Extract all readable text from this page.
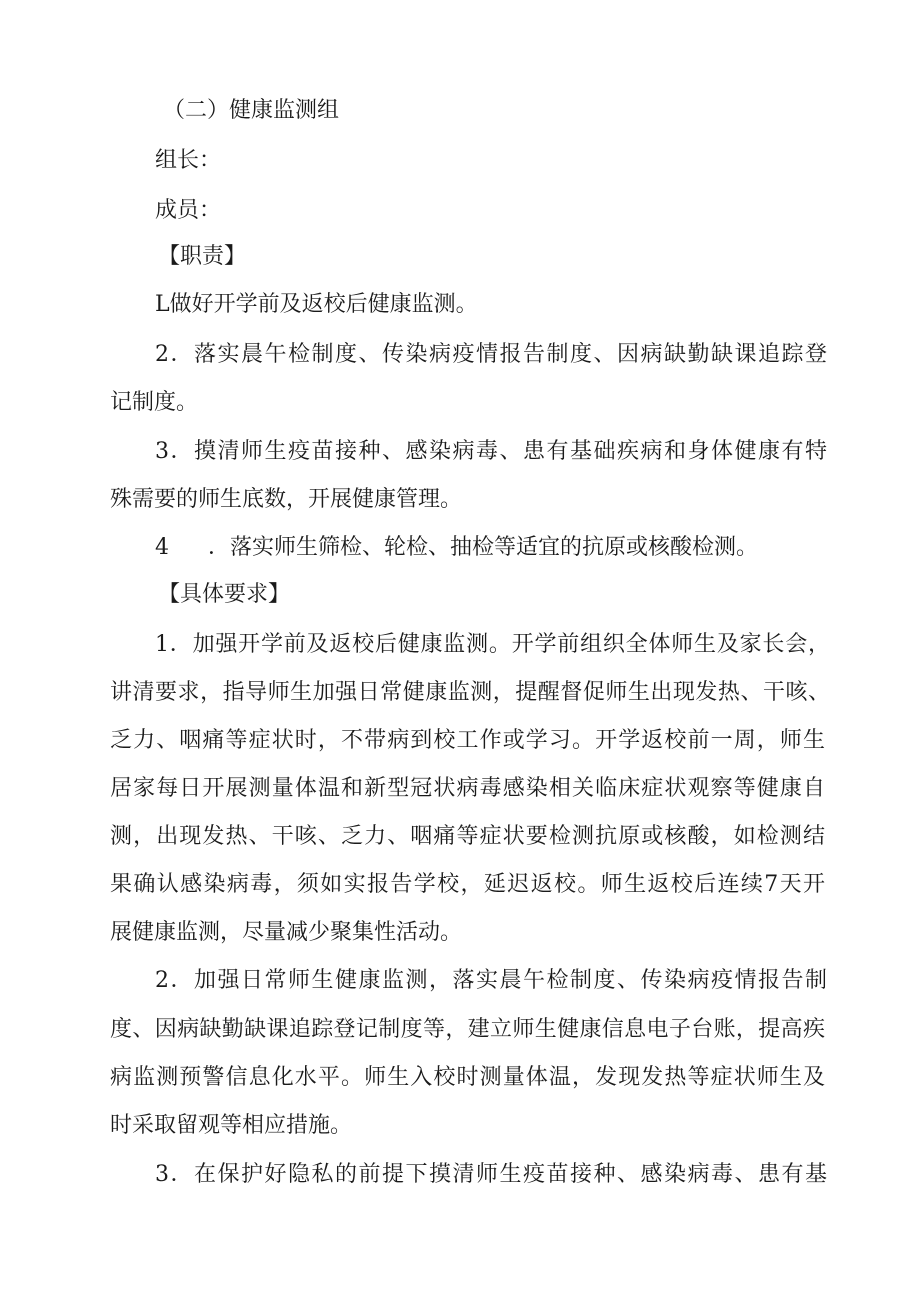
（二）健康监测组
组长：
成员：
【职责】
L做好开学前及返校后健康监测。
2．落实晨午检制度、传染病疫情报告制度、因病缺勤缺课追踪登
记制度。
3．摸清师生疫苗接种、感染病毒、患有基础疾病和身体健康有特
殊需要的师生底数，开展健康管理。
4 ．落实师生筛检、轮检、抽检等适宜的抗原或核酸检测。
【具体要求】
1．加强开学前及返校后健康监测。开学前组织全体师生及家长会，
讲清要求，指导师生加强日常健康监测，提醒督促师生出现发热、干咳、
乏力、咽痛等症状时，不带病到校工作或学习。开学返校前一周，师生
居家每日开展测量体温和新型冠状病毒感染相关临床症状观察等健康自
测，出现发热、干咳、乏力、咽痛等症状要检测抗原或核酸，如检测结
果确认感染病毒，须如实报告学校，延迟返校。师生返校后连续7天开
展健康监测，尽量减少聚集性活动。
2．加强日常师生健康监测，落实晨午检制度、传染病疫情报告制
度、因病缺勤缺课追踪登记制度等，建立师生健康信息电子台账，提高疾
病监测预警信息化水平。师生入校时测量体温，发现发热等症状师生及
时采取留观等相应措施。
3．在保护好隐私的前提下摸清师生疫苗接种、感染病毒、患有基
